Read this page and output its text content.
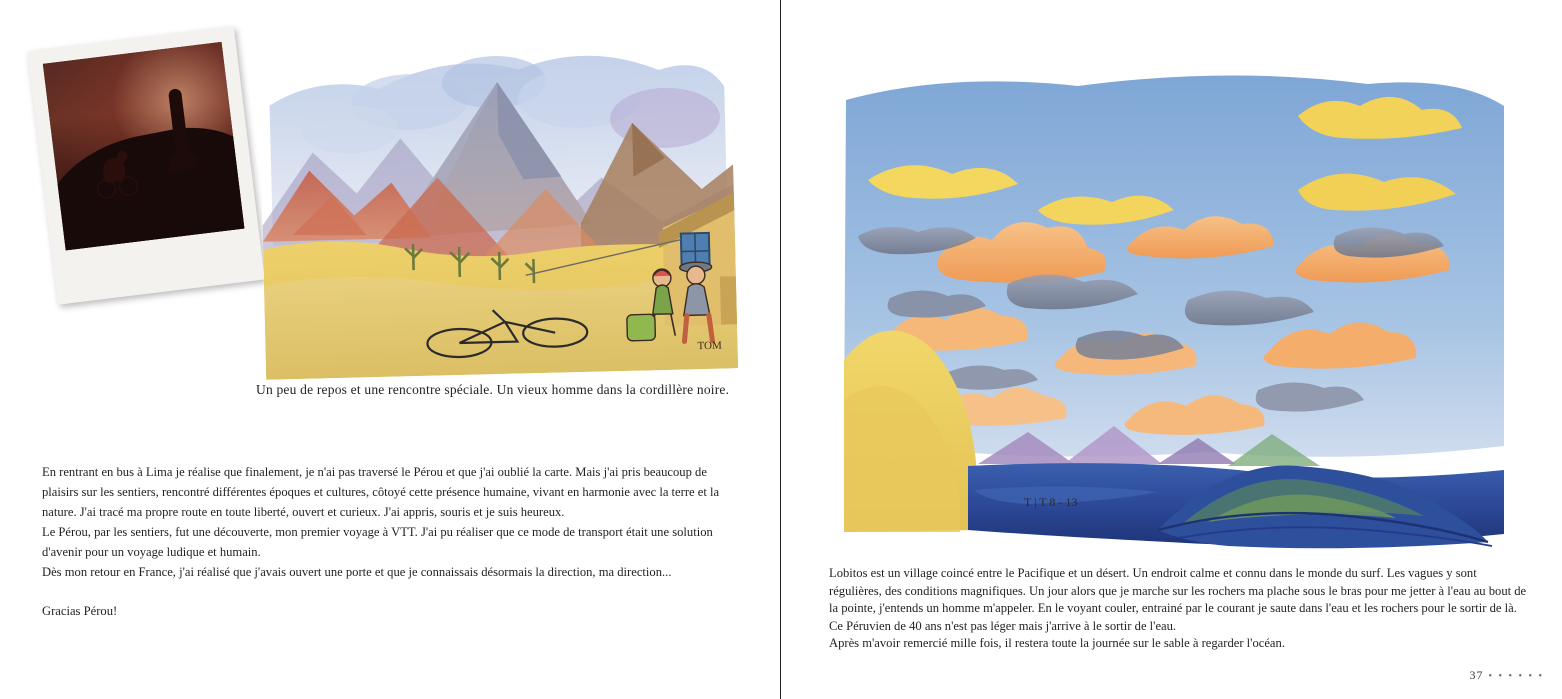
TOM
Un peu de repos et une rencontre spéciale. Un vieux homme dans la cordillère noire.

En rentrant en bus à Lima je réalise que finalement, je n'ai pas traversé le Pérou et que j'ai oublié la carte. Mais j'ai pris beaucoup de plaisirs sur les sentiers, rencontré différentes époques et cultures, côtoyé cette présence humaine, vivant en harmonie avec la terre et la nature. J'ai tracé ma propre route en toute liberté, ouvert et curieux. J'ai appris, souris et je suis heureux.

Le Pérou, par les sentiers, fut une découverte, mon premier voyage à VTT. J'ai pu réaliser que ce mode de transport était une solution d'avenir pour un voyage ludique et humain.

Dès mon retour en France, j'ai réalisé que j'avais ouvert une porte et que je connaissais désormais la direction, ma direction...

Gracias Pérou!

T | T 8 - 13

Lobitos est un village coincé entre le Pacifique et un désert. Un endroit calme et connu dans le monde du surf. Les vagues y sont régulières, des conditions magnifiques. Un jour alors que je marche sur les rochers ma plache sous le bras pour me jetter à l'eau au bout de la pointe, j'entends un homme m'appeler. En le voyant couler, entrainé par le courant je saute dans l'eau et les rochers pour le sortir de là. Ce Péruvien de 40 ans n'est pas léger mais j'arrive à le sortir de l'eau.

Après m'avoir remercié mille fois, il restera toute la journée sur le sable à regarder l'océan.

37 • • • • • •
